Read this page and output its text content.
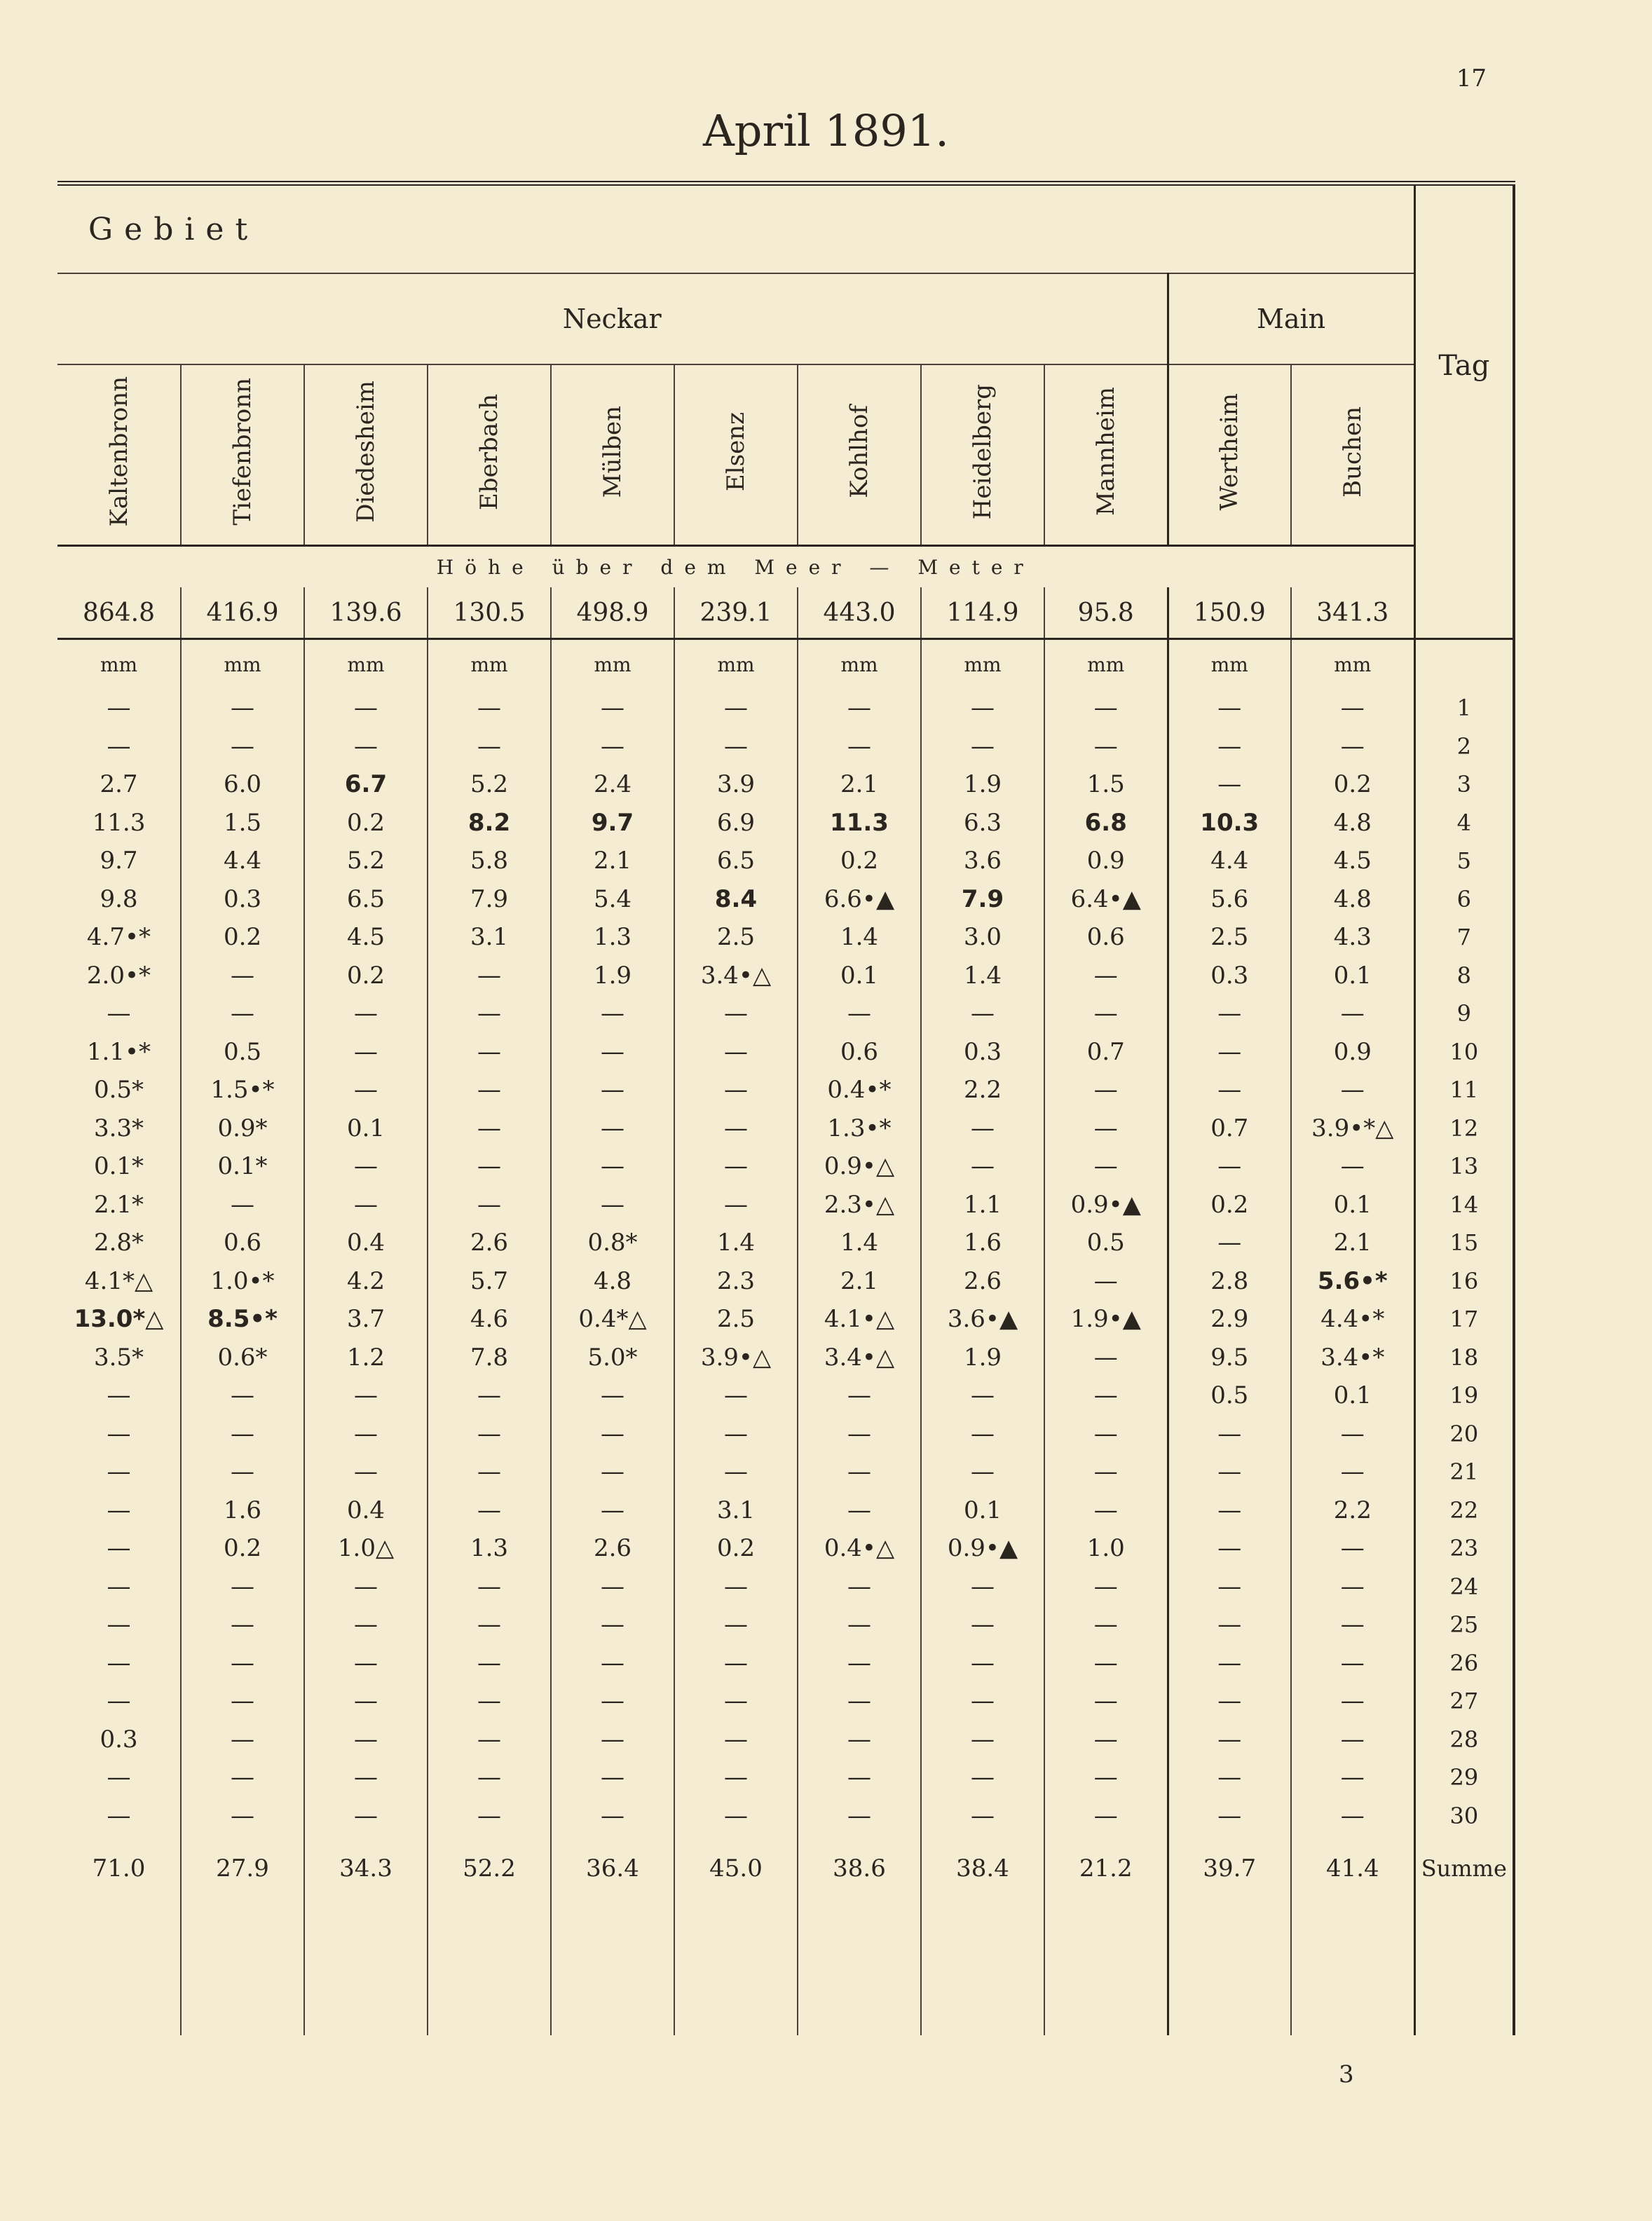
17
April 1891.
Gebiet											Tag
Neckar									Main		
Kaltenbronn	Tiefenbronn	Diedesheim	Eberbach	Mülben	Elsenz	Kohlhof	Heidelberg	Mannheim	Wertheim	Buchen	
Höhe über dem Meer — Meter											
864.8	416.9	139.6	130.5	498.9	239.1	443.0	114.9	95.8	150.9	341.3	
mm	mm	mm	mm	mm	mm	mm	mm	mm	mm	mm	
—	—	—	—	—	—	—	—	—	—	—	1
—	—	—	—	—	—	—	—	—	—	—	2
2.7	6.0	6.7	5.2	2.4	3.9	2.1	1.9	1.5	—	0.2	3
11.3	1.5	0.2	8.2	9.7	6.9	11.3	6.3	6.8	10.3	4.8	4
9.7	4.4	5.2	5.8	2.1	6.5	0.2	3.6	0.9	4.4	4.5	5
9.8	0.3	6.5	7.9	5.4	8.4	6.6•▲	7.9	6.4•▲	5.6	4.8	6
4.7•*	0.2	4.5	3.1	1.3	2.5	1.4	3.0	0.6	2.5	4.3	7
2.0•*	—	0.2	—	1.9	3.4•△	0.1	1.4	—	0.3	0.1	8
—	—	—	—	—	—	—	—	—	—	—	9
1.1•*	0.5	—	—	—	—	0.6	0.3	0.7	—	0.9	10
0.5*	1.5•*	—	—	—	—	0.4•*	2.2	—	—	—	11
3.3*	0.9*	0.1	—	—	—	1.3•*	—	—	0.7	3.9•*△	12
0.1*	0.1*	—	—	—	—	0.9•△	—	—	—	—	13
2.1*	—	—	—	—	—	2.3•△	1.1	0.9•▲	0.2	0.1	14
2.8*	0.6	0.4	2.6	0.8*	1.4	1.4	1.6	0.5	—	2.1	15
4.1*△	1.0•*	4.2	5.7	4.8	2.3	2.1	2.6	—	2.8	5.6•*	16
13.0*△	8.5•*	3.7	4.6	0.4*△	2.5	4.1•△	3.6•▲	1.9•▲	2.9	4.4•*	17
3.5*	0.6*	1.2	7.8	5.0*	3.9•△	3.4•△	1.9	—	9.5	3.4•*	18
—	—	—	—	—	—	—	—	—	0.5	0.1	19
—	—	—	—	—	—	—	—	—	—	—	20
—	—	—	—	—	—	—	—	—	—	—	21
—	1.6	0.4	—	—	3.1	—	0.1	—	—	2.2	22
—	0.2	1.0△	1.3	2.6	0.2	0.4•△	0.9•▲	1.0	—	—	23
—	—	—	—	—	—	—	—	—	—	—	24
—	—	—	—	—	—	—	—	—	—	—	25
—	—	—	—	—	—	—	—	—	—	—	26
—	—	—	—	—	—	—	—	—	—	—	27
0.3	—	—	—	—	—	—	—	—	—	—	28
—	—	—	—	—	—	—	—	—	—	—	29
—	—	—	—	—	—	—	—	—	—	—	30
71.0	27.9	34.3	52.2	36.4	45.0	38.6	38.4	21.2	39.7	41.4	Summe

3
